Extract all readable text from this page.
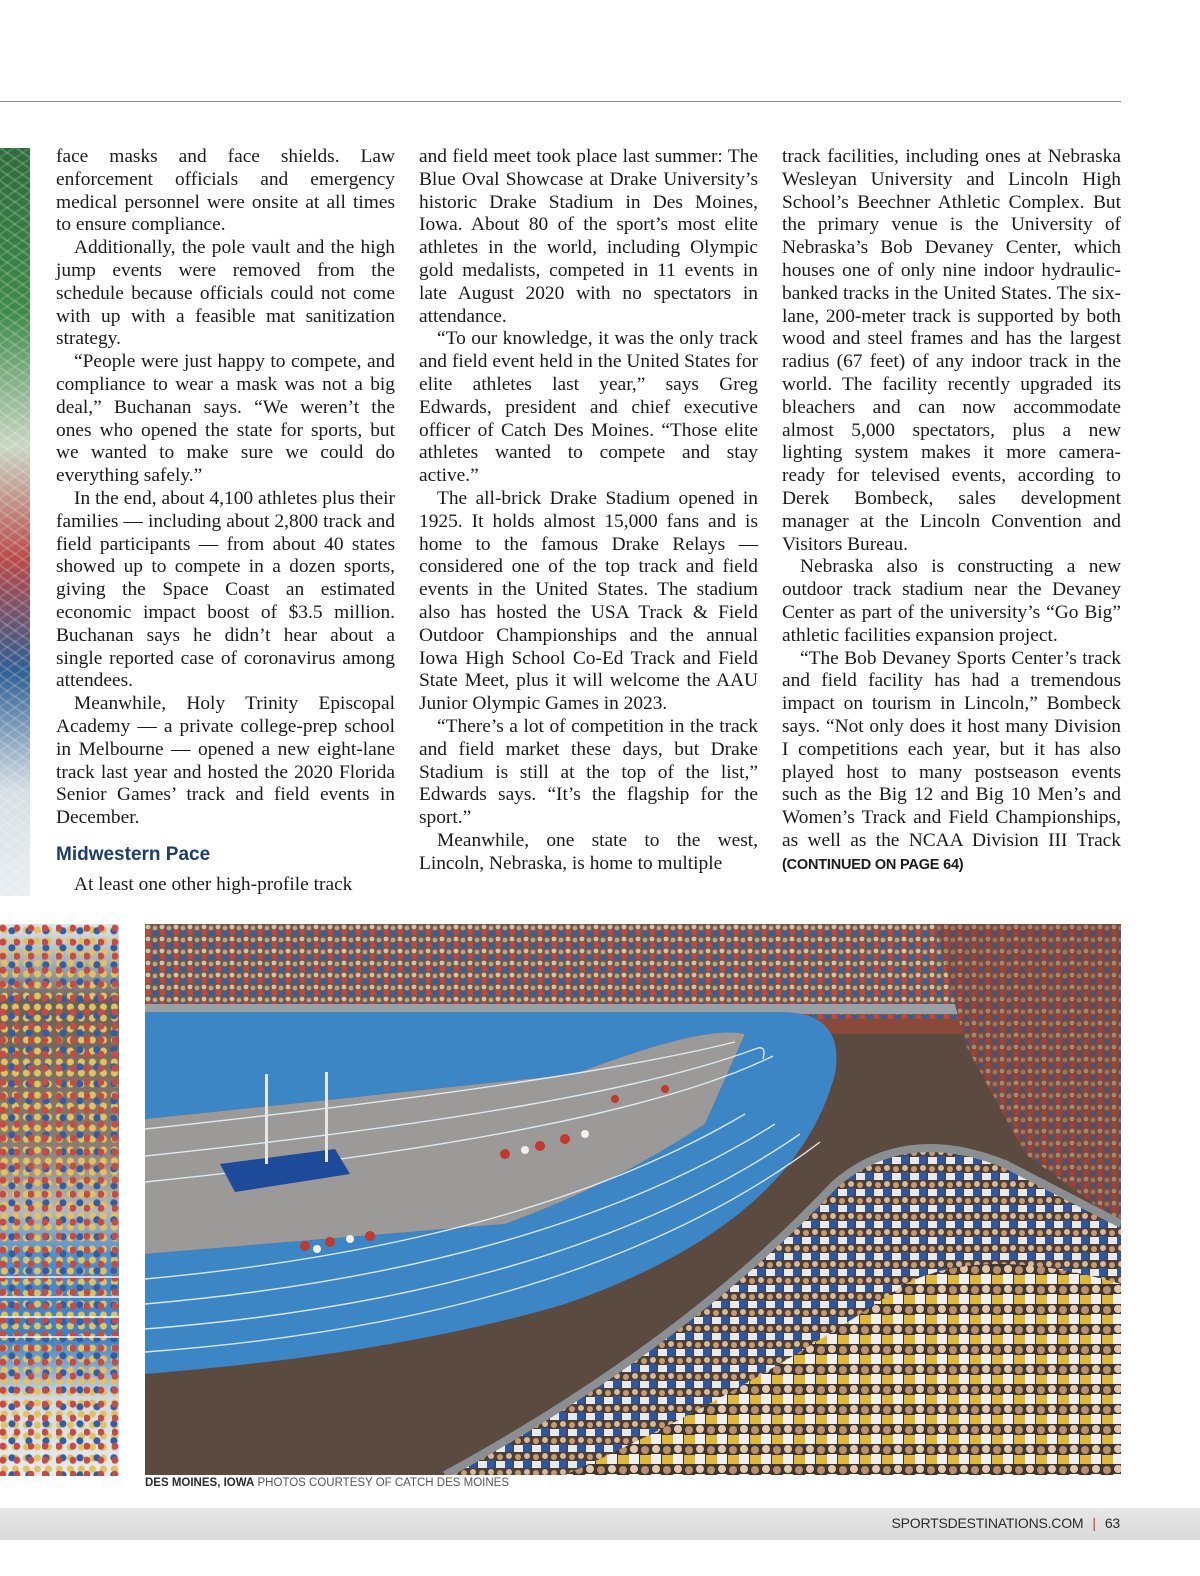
face masks and face shields. Law enforcement officials and emergency medical personnel were onsite at all times to ensure compliance.

Additionally, the pole vault and the high jump events were removed from the schedule because officials could not come with up with a feasible mat sanitization strategy.

“People were just happy to compete, and compliance to wear a mask was not a big deal,” Buchanan says. “We weren’t the ones who opened the state for sports, but we wanted to make sure we could do everything safely.”

In the end, about 4,100 athletes plus their families — including about 2,800 track and field participants — from about 40 states showed up to compete in a dozen sports, giving the Space Coast an estimated economic impact boost of $3.5 million. Buchanan says he didn’t hear about a single reported case of coronavirus among attendees.

Meanwhile, Holy Trinity Episcopal Academy — a private college-prep school in Melbourne — opened a new eight-lane track last year and hosted the 2020 Florida Senior Games’ track and field events in December.

Midwestern Pace

At least one other high-profile track

and field meet took place last summer: The Blue Oval Showcase at Drake University’s historic Drake Stadium in Des Moines, Iowa. About 80 of the sport’s most elite athletes in the world, including Olympic gold medalists, competed in 11 events in late August 2020 with no spectators in attendance.

“To our knowledge, it was the only track and field event held in the United States for elite athletes last year,” says Greg Edwards, president and chief executive officer of Catch Des Moines. “Those elite athletes wanted to compete and stay active.”

The all-brick Drake Stadium opened in 1925. It holds almost 15,000 fans and is home to the famous Drake Relays — considered one of the top track and field events in the United States. The stadium also has hosted the USA Track & Field Outdoor Championships and the annual Iowa High School Co-Ed Track and Field State Meet, plus it will welcome the AAU Junior Olympic Games in 2023.

“There’s a lot of competition in the track and field market these days, but Drake Stadium is still at the top of the list,” Edwards says. “It’s the flagship for the sport.”

Meanwhile, one state to the west, Lincoln, Nebraska, is home to multiple

track facilities, including ones at Nebraska Wesleyan University and Lincoln High School’s Beechner Athletic Complex. But the primary venue is the University of Nebraska’s Bob Devaney Center, which houses one of only nine indoor hydraulic-banked tracks in the United States. The six-lane, 200-meter track is supported by both wood and steel frames and has the largest radius (67 feet) of any indoor track in the world. The facility recently upgraded its bleachers and can now accommodate almost 5,000 spectators, plus a new lighting system makes it more camera-ready for televised events, according to Derek Bombeck, sales development manager at the Lincoln Convention and Visitors Bureau.

Nebraska also is constructing a new outdoor track stadium near the Devaney Center as part of the university’s “Go Big” athletic facilities expansion project.

“The Bob Devaney Sports Center’s track and field facility has had a tremendous impact on tourism in Lincoln,” Bombeck says. “Not only does it host many Division I competitions each year, but it has also played host to many postseason events such as the Big 12 and Big 10 Men’s and Women’s Track and Field Championships, as well as the NCAA Division III Track (CONTINUED ON PAGE 64)

DES MOINES, IOWA PHOTOS COURTESY OF CATCH DES MOINES
SPORTSDESTINATIONS.COM | 63
